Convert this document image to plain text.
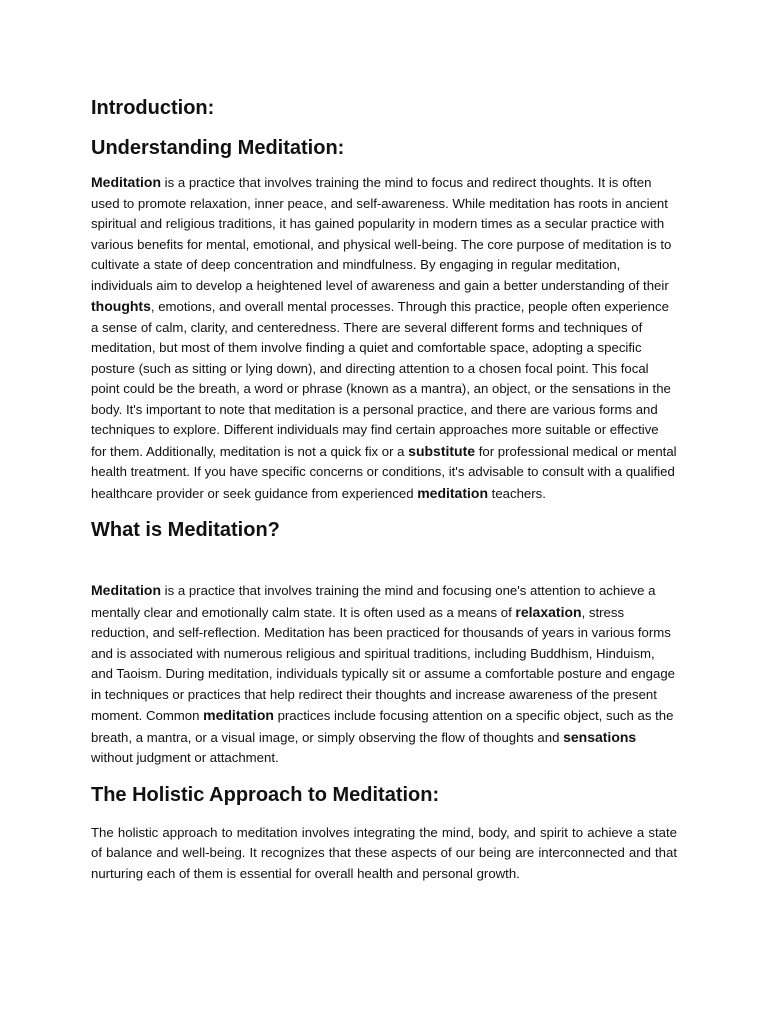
Introduction:
Understanding Meditation:

Meditation is a practice that involves training the mind to focus and redirect thoughts. It is often used to promote relaxation, inner peace, and self-awareness. While meditation has roots in ancient spiritual and religious traditions, it has gained popularity in modern times as a secular practice with various benefits for mental, emotional, and physical well-being. The core purpose of meditation is to cultivate a state of deep concentration and mindfulness. By engaging in regular meditation, individuals aim to develop a heightened level of awareness and gain a better understanding of their thoughts, emotions, and overall mental processes. Through this practice, people often experience a sense of calm, clarity, and centeredness. There are several different forms and techniques of meditation, but most of them involve finding a quiet and comfortable space, adopting a specific posture (such as sitting or lying down), and directing attention to a chosen focal point. This focal point could be the breath, a word or phrase (known as a mantra), an object, or the sensations in the body. It's important to note that meditation is a personal practice, and there are various forms and techniques to explore. Different individuals may find certain approaches more suitable or effective for them. Additionally, meditation is not a quick fix or a substitute for professional medical or mental health treatment. If you have specific concerns or conditions, it's advisable to consult with a qualified healthcare provider or seek guidance from experienced meditation teachers.

What is Meditation?

Meditation is a practice that involves training the mind and focusing one's attention to achieve a mentally clear and emotionally calm state. It is often used as a means of relaxation, stress reduction, and self-reflection. Meditation has been practiced for thousands of years in various forms and is associated with numerous religious and spiritual traditions, including Buddhism, Hinduism, and Taoism. During meditation, individuals typically sit or assume a comfortable posture and engage in techniques or practices that help redirect their thoughts and increase awareness of the present moment. Common meditation practices include focusing attention on a specific object, such as the breath, a mantra, or a visual image, or simply observing the flow of thoughts and sensations without judgment or attachment.

The Holistic Approach to Meditation:

The holistic approach to meditation involves integrating the mind, body, and spirit to achieve a state of balance and well-being. It recognizes that these aspects of our being are interconnected and that nurturing each of them is essential for overall health and personal growth.
